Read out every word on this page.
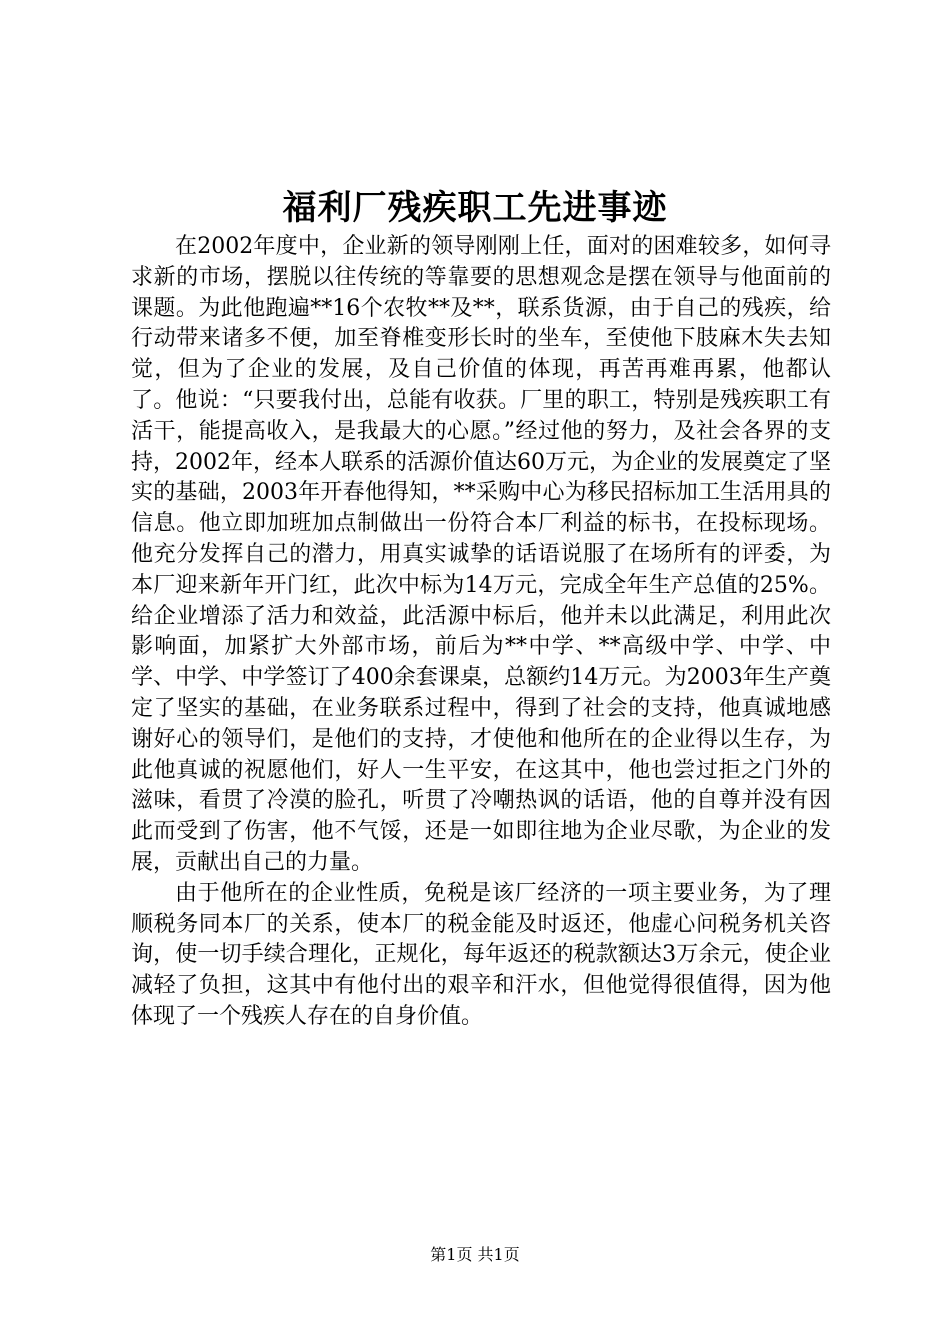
福利厂残疾职工先进事迹

在2002年度中，企业新的领导刚刚上任，面对的困难较多，如何寻求新的市场，摆脱以往传统的等靠要的思想观念是摆在领导与他面前的课题。为此他跑遍**16个农牧**及**，联系货源，由于自己的残疾，给行动带来诸多不便，加至脊椎变形长时的坐车，至使他下肢麻木失去知觉，但为了企业的发展，及自己价值的体现，再苦再难再累，他都认了。他说：“只要我付出，总能有收获。厂里的职工，特别是残疾职工有活干，能提高收入，是我最大的心愿。”经过他的努力，及社会各界的支持，2002年，经本人联系的活源价值达60万元，为企业的发展奠定了坚实的基础，2003年开春他得知，**采购中心为移民招标加工生活用具的信息。他立即加班加点制做出一份符合本厂利益的标书，在投标现场。他充分发挥自己的潜力，用真实诚挚的话语说服了在场所有的评委，为本厂迎来新年开门红，此次中标为14万元，完成全年生产总值的25%。给企业增添了活力和效益，此活源中标后，他并未以此满足，利用此次影响面，加紧扩大外部市场，前后为**中学、**高级中学、中学、中学、中学、中学签订了400余套课桌，总额约14万元。为2003年生产奠定了坚实的基础，在业务联系过程中，得到了社会的支持，他真诚地感谢好心的领导们，是他们的支持，才使他和他所在的企业得以生存，为此他真诚的祝愿他们，好人一生平安，在这其中，他也尝过拒之门外的滋味，看贯了冷漠的脸孔，听贯了冷嘲热讽的话语，他的自尊并没有因此而受到了伤害，他不气馁，还是一如即往地为企业尽歌，为企业的发展，贡献出自己的力量。

由于他所在的企业性质，免税是该厂经济的一项主要业务，为了理顺税务同本厂的关系，使本厂的税金能及时返还，他虚心问税务机关咨询，使一切手续合理化，正规化，每年返还的税款额达3万余元，使企业减轻了负担，这其中有他付出的艰辛和汗水，但他觉得很值得，因为他体现了一个残疾人存在的自身价值。

第1页 共1页
